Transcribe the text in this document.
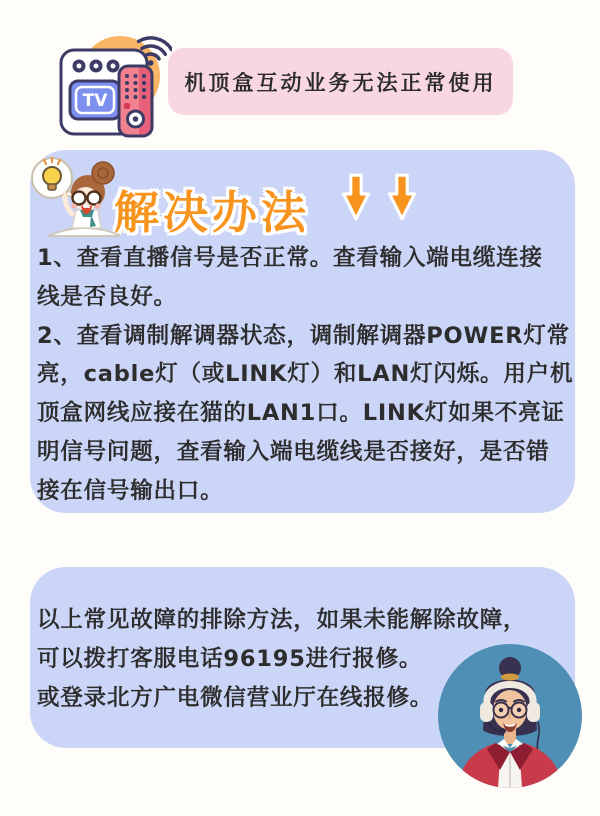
TV
机顶盒互动业务无法正常使用
解决办法
1、查看直播信号是否正常。查看输入端电缆连接
线是否良好。
2、查看调制解调器状态，调制解调器POWER灯常
亮，cable灯（或LINK灯）和LAN灯闪烁。用户机
顶盒网线应接在猫的LAN1口。LINK灯如果不亮证
明信号问题，查看输入端电缆线是否接好，是否错
接在信号输出口。
以上常见故障的排除方法，如果未能解除故障，
可以拨打客服电话96195进行报修。
或登录北方广电微信营业厅在线报修。
